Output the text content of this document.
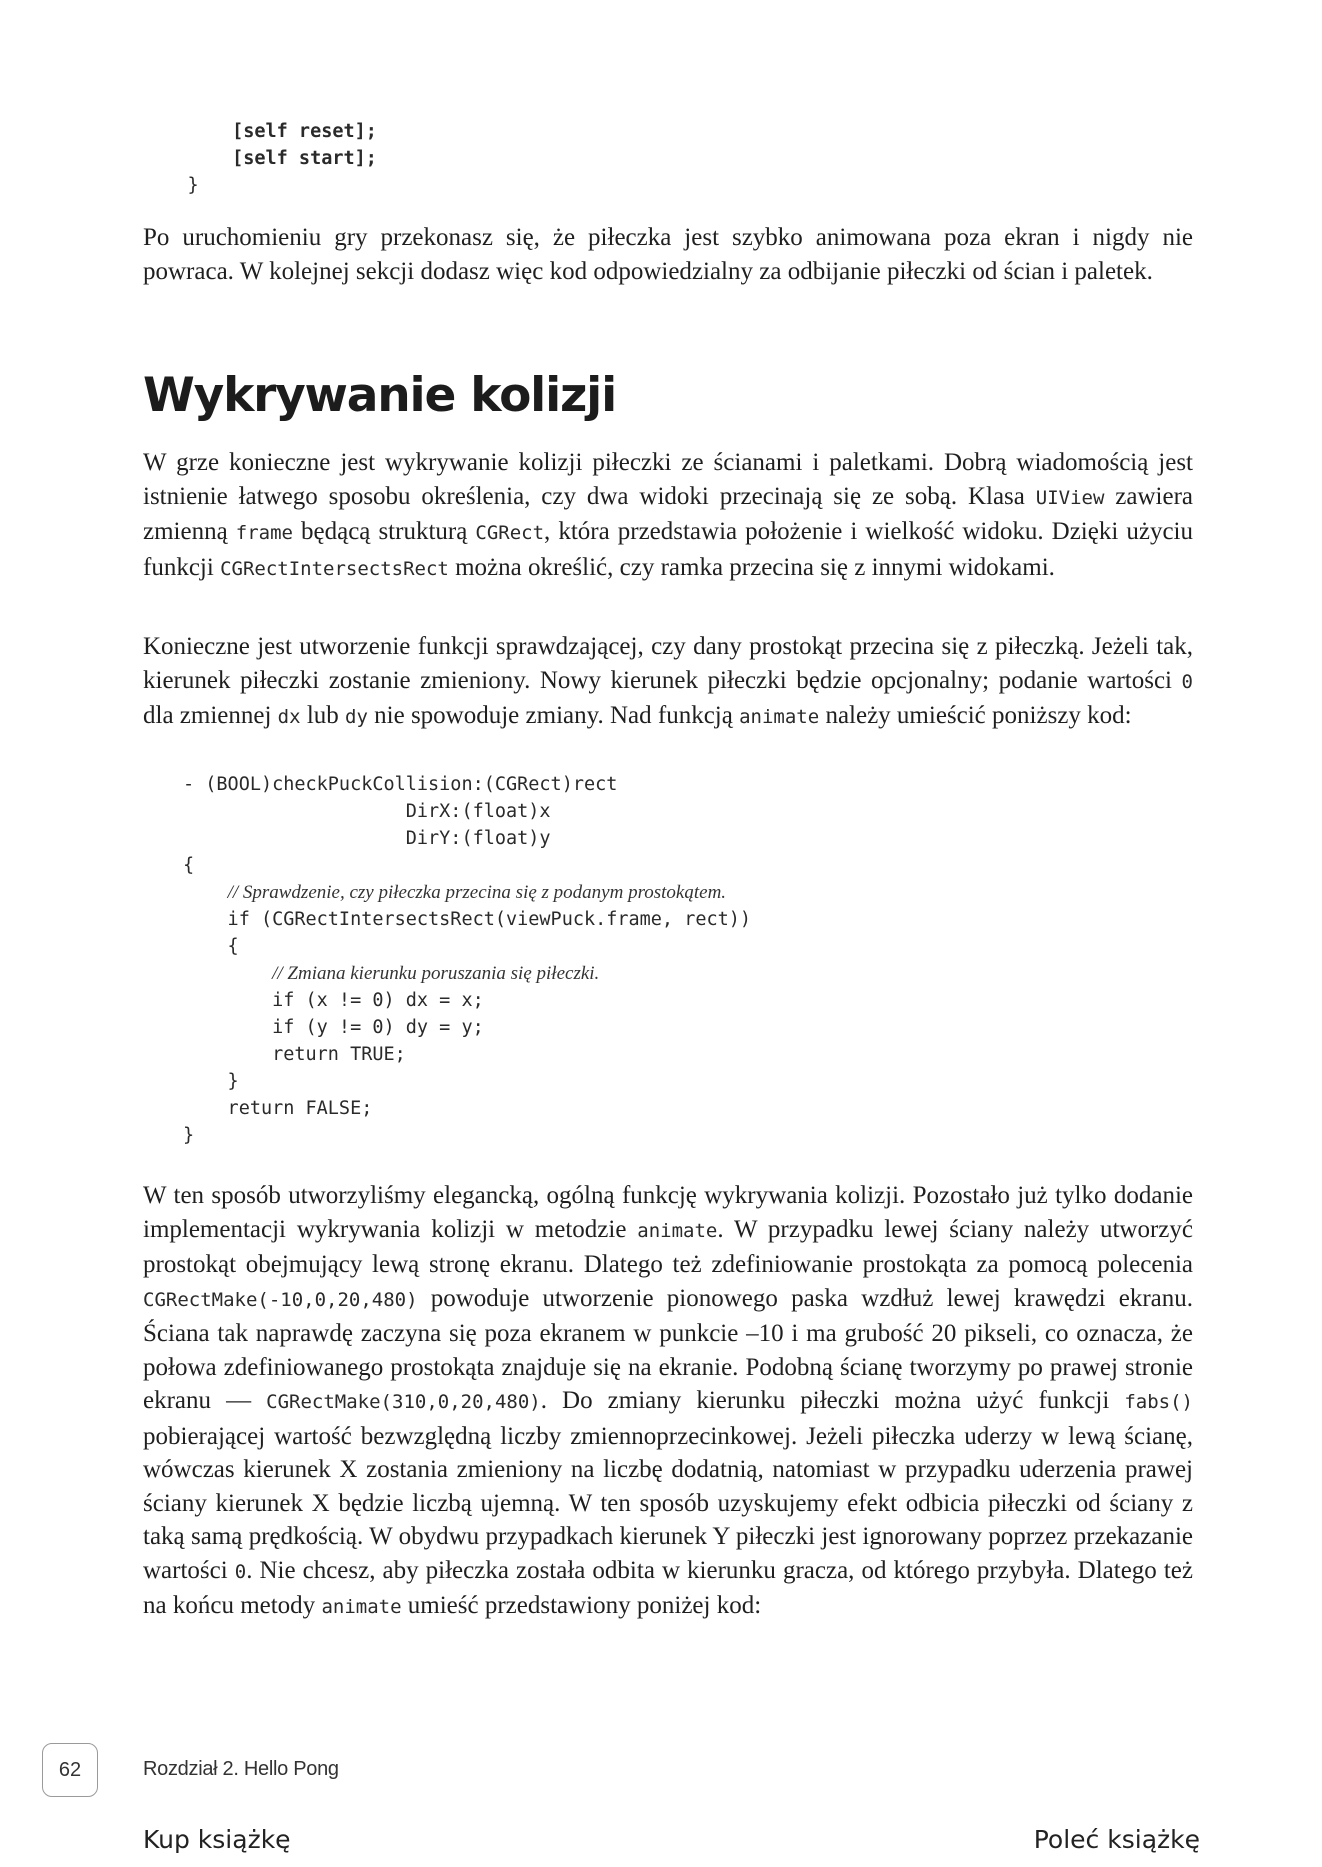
[self reset];
[self start];
}

Po uruchomieniu gry przekonasz się, że piłeczka jest szybko animowana poza ekran i nigdy nie powraca. W kolejnej sekcji dodasz więc kod odpowiedzialny za odbijanie piłeczki od ścian i paletek.

Wykrywanie kolizji

W grze konieczne jest wykrywanie kolizji piłeczki ze ścianami i paletkami. Dobrą wiadomością jest istnienie łatwego sposobu określenia, czy dwa widoki przecinają się ze sobą. Klasa UIView zawiera zmienną frame będącą strukturą CGRect, która przedstawia położenie i wielkość widoku. Dzięki użyciu funkcji CGRectIntersectsRect można określić, czy ramka przecina się z innymi widokami.

Konieczne jest utworzenie funkcji sprawdzającej, czy dany prostokąt przecina się z piłeczką. Jeżeli tak, kierunek piłeczki zostanie zmieniony. Nowy kierunek piłeczki będzie opcjonalny; podanie wartości 0 dla zmiennej dx lub dy nie spowoduje zmiany. Nad funkcją animate należy umieścić poniższy kod:

- (BOOL)checkPuckCollision:(CGRect)rect
DirX:(float)x
DirY:(float)y
{
// Sprawdzenie, czy piłeczka przecina się z podanym prostokątem.
if (CGRectIntersectsRect(viewPuck.frame, rect))
{
// Zmiana kierunku poruszania się piłeczki.
if (x != 0) dx = x;
if (y != 0) dy = y;
return TRUE;
}
return FALSE;
}

W ten sposób utworzyliśmy elegancką, ogólną funkcję wykrywania kolizji. Pozostało już tylko dodanie implementacji wykrywania kolizji w metodzie animate. W przypadku lewej ściany należy utworzyć prostokąt obejmujący lewą stronę ekranu. Dlatego też zdefiniowanie prostokąta za pomocą polecenia CGRectMake(-10,0,20,480) powoduje utworzenie pionowego paska wzdłuż lewej krawędzi ekranu. Ściana tak naprawdę zaczyna się poza ekranem w punkcie –10 i ma grubość 20 pikseli, co oznacza, że połowa zdefiniowanego prostokąta znajduje się na ekranie. Podobną ścianę tworzymy po prawej stronie ekranu — CGRectMake(310,0,20,480). Do zmiany kierunku piłeczki można użyć funkcji fabs() pobierającej wartość bezwzględną liczby zmiennoprzecinkowej. Jeżeli piłeczka uderzy w lewą ścianę, wówczas kierunek X zostania zmieniony na liczbę dodatnią, natomiast w przypadku uderzenia prawej ściany kierunek X będzie liczbą ujemną. W ten sposób uzyskujemy efekt odbicia piłeczki od ściany z taką samą prędkością. W obydwu przypadkach kierunek Y piłeczki jest ignorowany poprzez przekazanie wartości 0. Nie chcesz, aby piłeczka została odbita w kierunku gracza, od którego przybyła. Dlatego też na końcu metody animate umieść przedstawiony poniżej kod:

62	Rozdział 2. Hello Pong
Kup książkę	Poleć książkę
